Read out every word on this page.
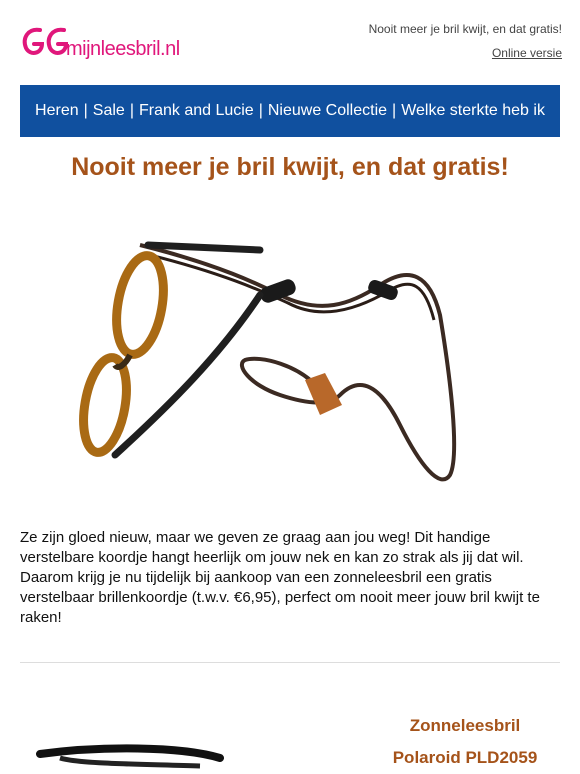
mijnleesbril.nl
Nooit meer je bril kwijt, en dat gratis!
Online versie
Heren | Sale | Frank and Lucie | Nieuwe Collectie | Welke sterkte heb ik
Nooit meer je bril kwijt, en dat gratis!
Ze zijn gloed nieuw, maar we geven ze graag aan jou weg! Dit handige verstelbare koordje hangt heerlijk om jouw nek en kan zo strak als jij dat wil. Daarom krijg je nu tijdelijk bij aankoop van een zonneleesbril een gratis verstelbaar brillenkoordje (t.w.v. €6,95), perfect om nooit meer jouw bril kwijt te raken!
Zonneleesbril
Polaroid PLD2059
